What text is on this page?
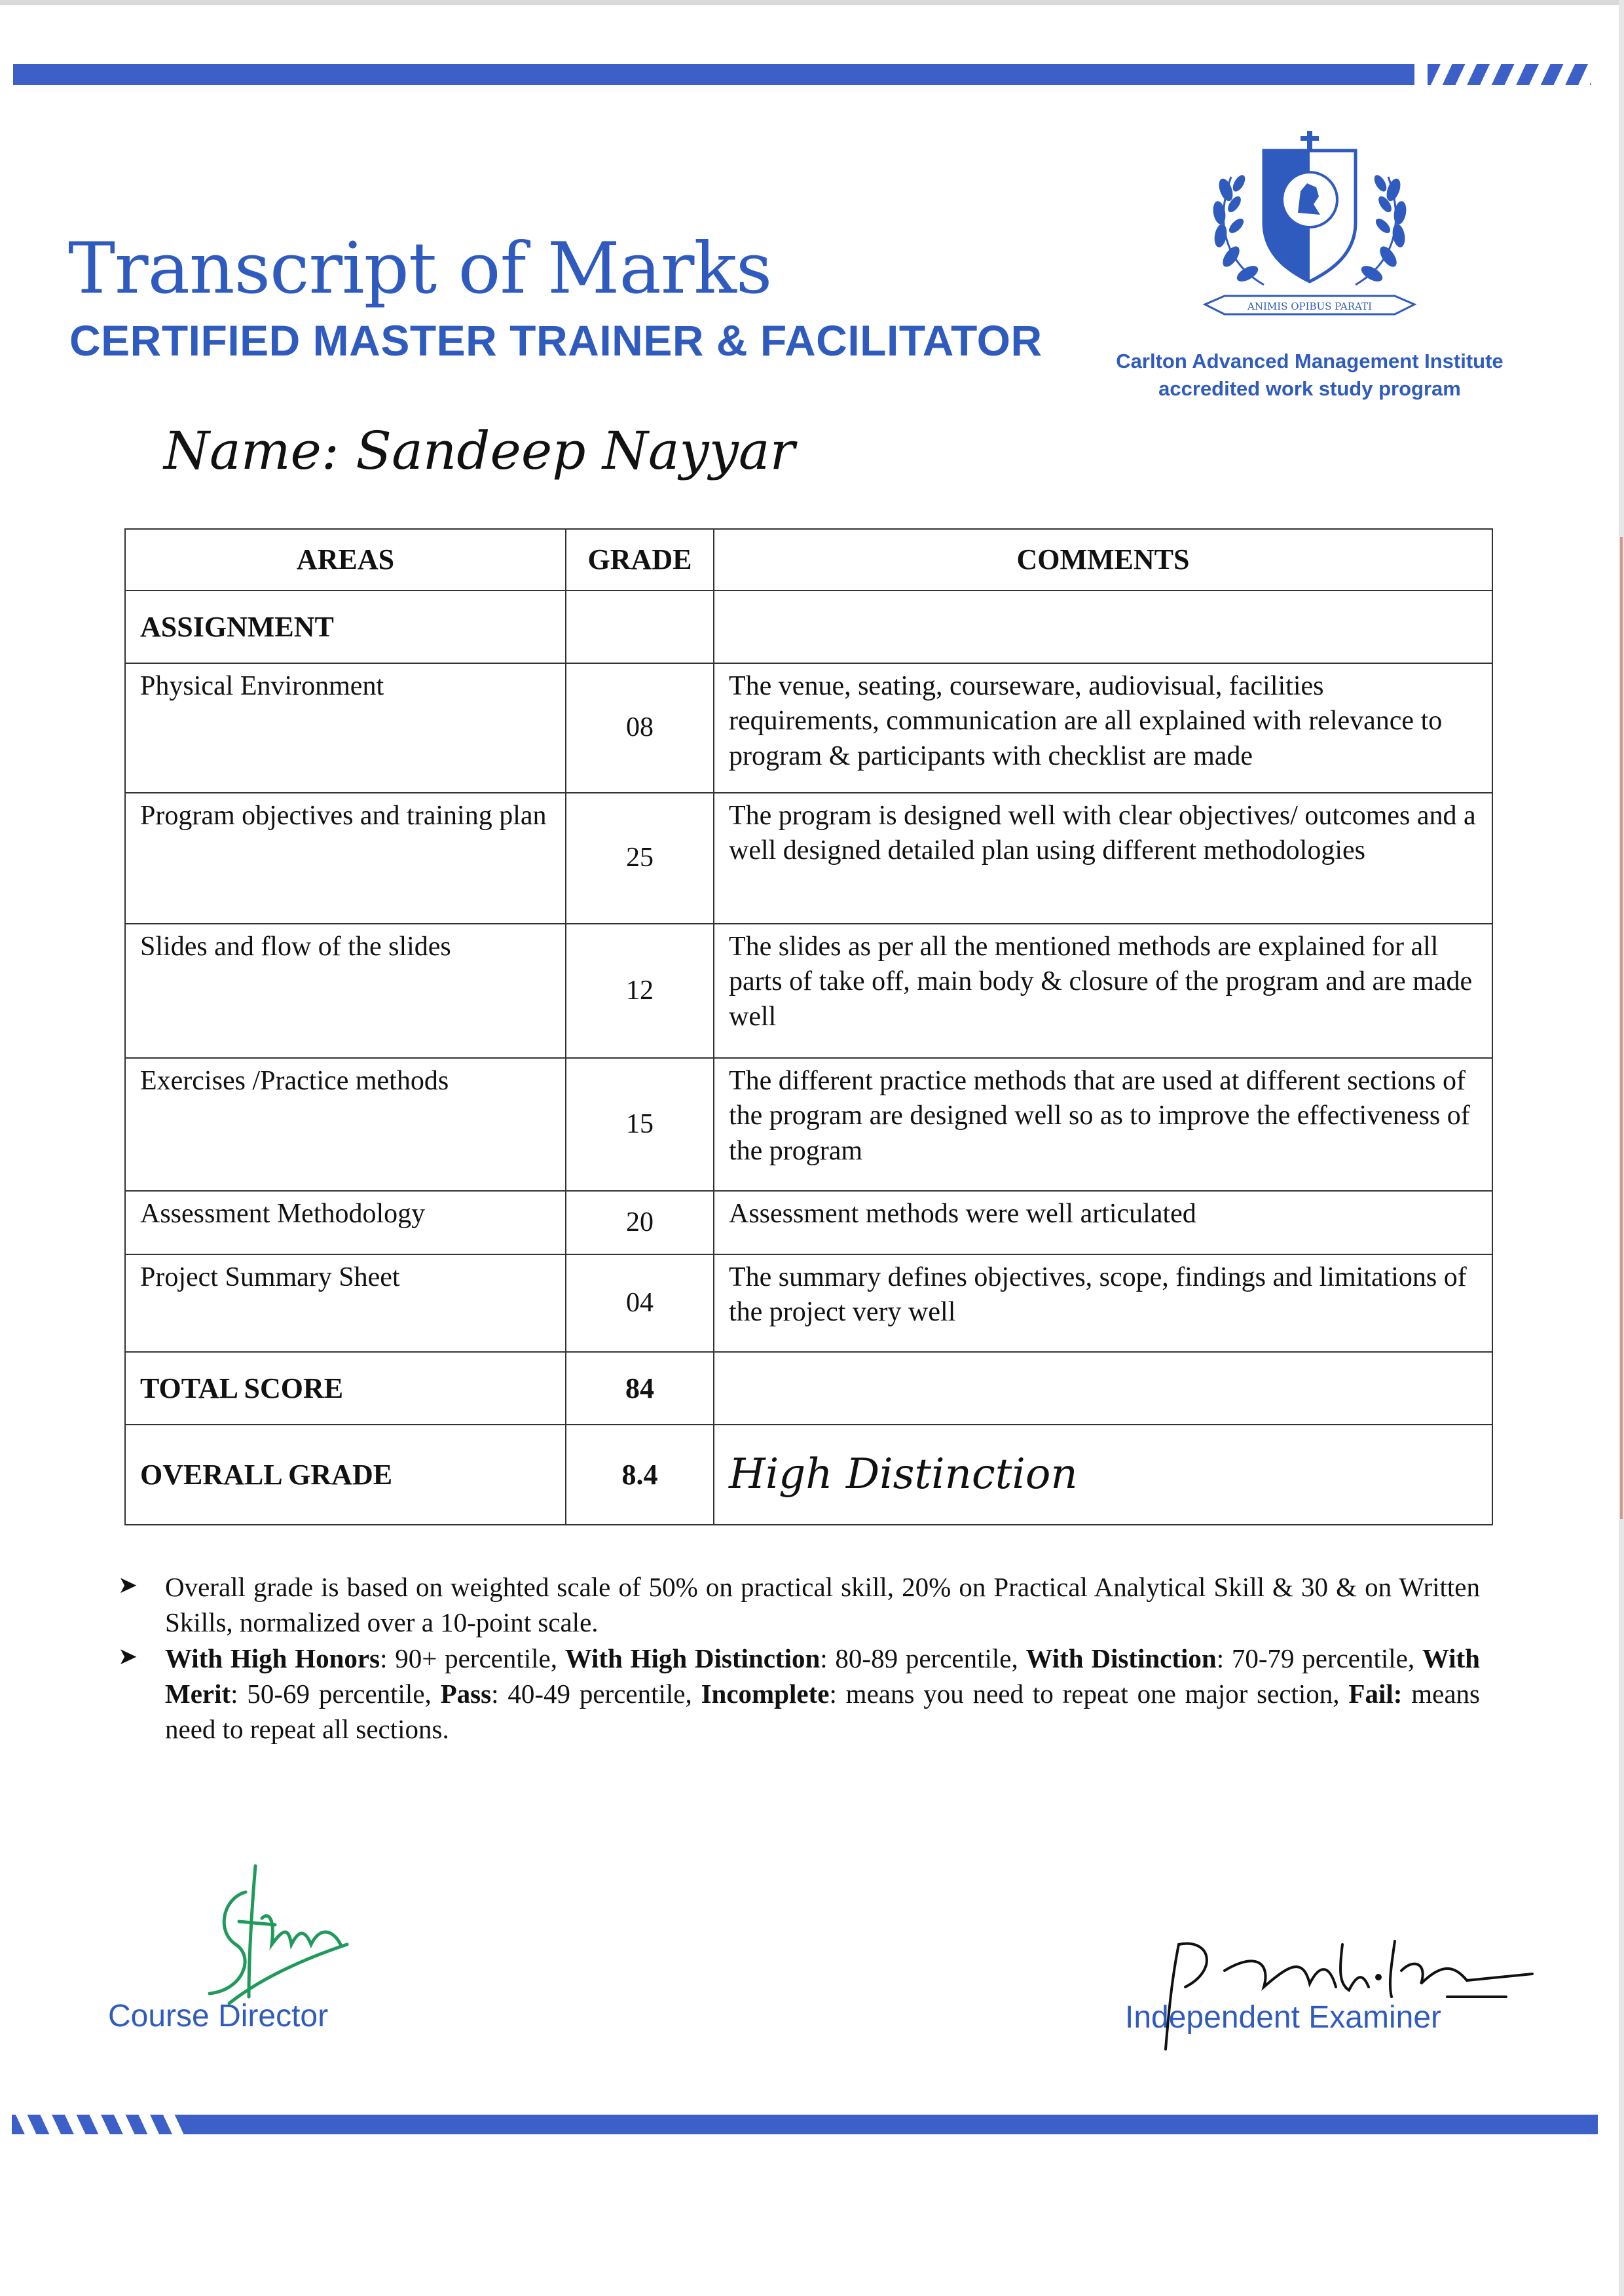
Transcript of Marks
CERTIFIED MASTER TRAINER & FACILITATOR
ANIMIS OPIBUS PARATI
Carlton Advanced Management Institute
accredited work study program
Name: Sandeep Nayyar
AREAS	GRADE	COMMENTS
ASSIGNMENT		
Physical Environment	08	The venue, seating, courseware, audiovisual, facilities requirements, communication are all explained with relevance to program & participants with checklist are made
Program objectives and training plan	25	The program is designed well with clear objectives/ outcomes and a well designed detailed plan using different methodologies
Slides and flow of the slides	12	The slides as per all the mentioned methods are explained for all parts of take off, main body & closure of the program and are made well
Exercises /Practice methods	15	The different practice methods that are used at different sections of the program are designed well so as to improve the effectiveness of the program
Assessment Methodology	20	Assessment methods were well articulated
Project Summary Sheet	04	The summary defines objectives, scope, findings and limitations of the project very well
TOTAL SCORE	84	
OVERALL GRADE	8.4	High Distinction
➤ Overall grade is based on weighted scale of 50% on practical skill, 20% on Practical Analytical Skill & 30 & on Written Skills, normalized over a 10-point scale.
➤ With High Honors: 90+ percentile, With High Distinction: 80-89 percentile, With Distinction: 70-79 percentile, With Merit: 50-69 percentile, Pass: 40-49 percentile, Incomplete: means you need to repeat one major section, Fail: means need to repeat all sections.
Course Director	Independent Examiner
